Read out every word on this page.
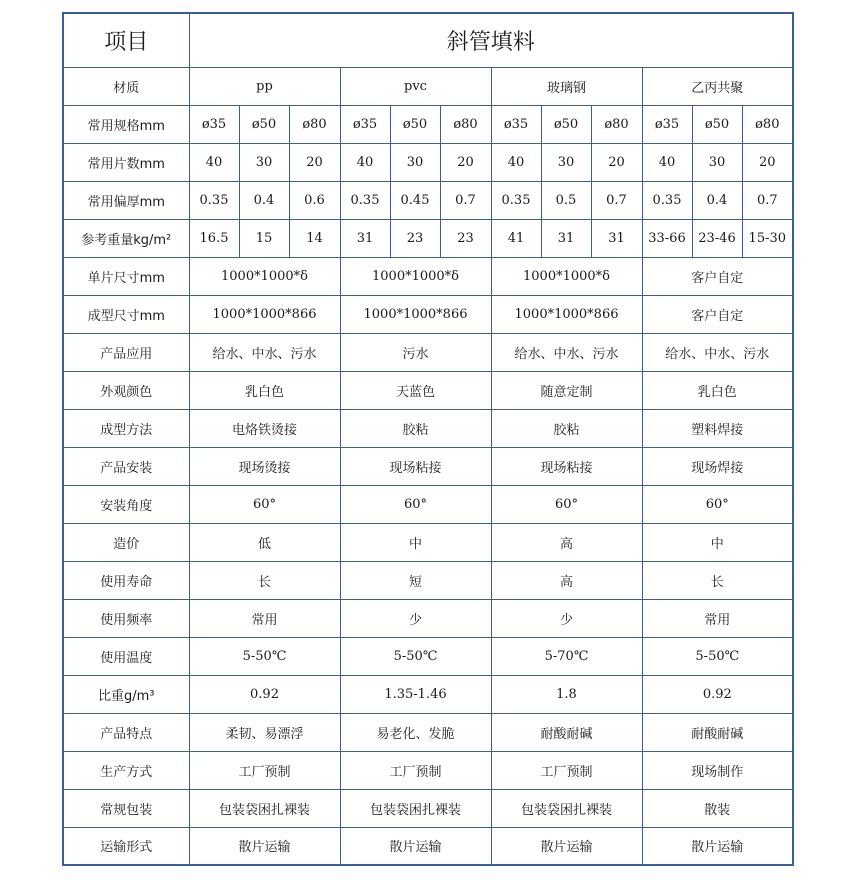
项目	斜管填料											
材质	pp			pvc			玻璃钢			乙丙共聚		
常用规格mm	ø35	ø50	ø80	ø35	ø50	ø80	ø35	ø50	ø80	ø35	ø50	ø80
常用片数mm	40	30	20	40	30	20	40	30	20	40	30	20
常用偏厚mm	0.35	0.4	0.6	0.35	0.45	0.7	0.35	0.5	0.7	0.35	0.4	0.7
参考重量kg/m²	16.5	15	14	31	23	23	41	31	31	33-66	23-46	15-30
单片尺寸mm	1000*1000*δ			1000*1000*δ			1000*1000*δ			客户自定		
成型尺寸mm	1000*1000*866			1000*1000*866			1000*1000*866			客户自定		
产品应用	给水、中水、污水			污水			给水、中水、污水			给水、中水、污水		
外观颜色	乳白色			天蓝色			随意定制			乳白色		
成型方法	电烙铁烫接			胶粘			胶粘			塑料焊接		
产品安装	现场烫接			现场粘接			现场粘接			现场焊接		
安装角度	60°			60°			60°			60°		
造价	低			中			高			中		
使用寿命	长			短			高			长		
使用频率	常用			少			少			常用		
使用温度	5-50℃			5-50℃			5-70℃			5-50℃		
比重g/m³	0.92			1.35-1.46			1.8			0.92		
产品特点	柔韧、易漂浮			易老化、发脆			耐酸耐碱			耐酸耐碱		
生产方式	工厂预制			工厂预制			工厂预制			现场制作		
常规包装	包装袋困扎裸装			包装袋困扎裸装			包装袋困扎裸装			散装		
运输形式	散片运输			散片运输			散片运输			散片运输		
